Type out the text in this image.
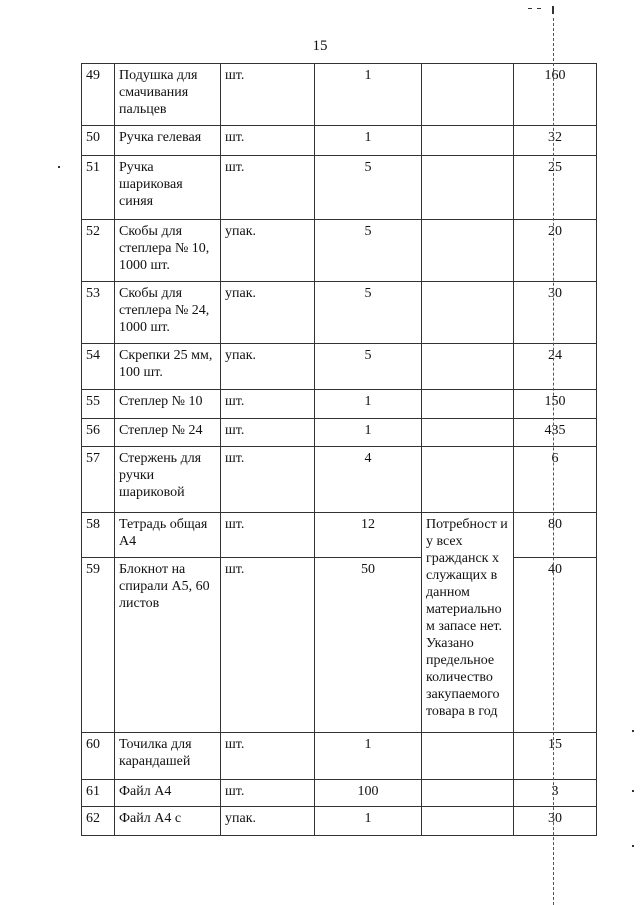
15
49	Подушка для смачивания пальцев	шт.	1		160
50	Ручка гелевая	шт.	1		32
51	Ручка шариковая синяя	шт.	5		25
52	Скобы для степлера № 10, 1000 шт.	упак.	5		20
53	Скобы для степлера № 24, 1000 шт.	упак.	5		30
54	Скрепки 25 мм, 100 шт.	упак.	5		24
55	Степлер № 10	шт.	1		150
56	Степлер № 24	шт.	1		435
57	Стержень для ручки шариковой	шт.	4		6
58	Тетрадь общая А4	шт.	12	Потребност и у всех гражданск х служащих в данном материально м запасе нет. Указано предельное количество закупаемого товара в год	80
59	Блокнот на спирали А5, 60 листов	шт.	50		40
60	Точилка для карандашей	шт.	1		15
61	Файл А4	шт.	100		3
62	Файл А4 с	упак.	1		30
